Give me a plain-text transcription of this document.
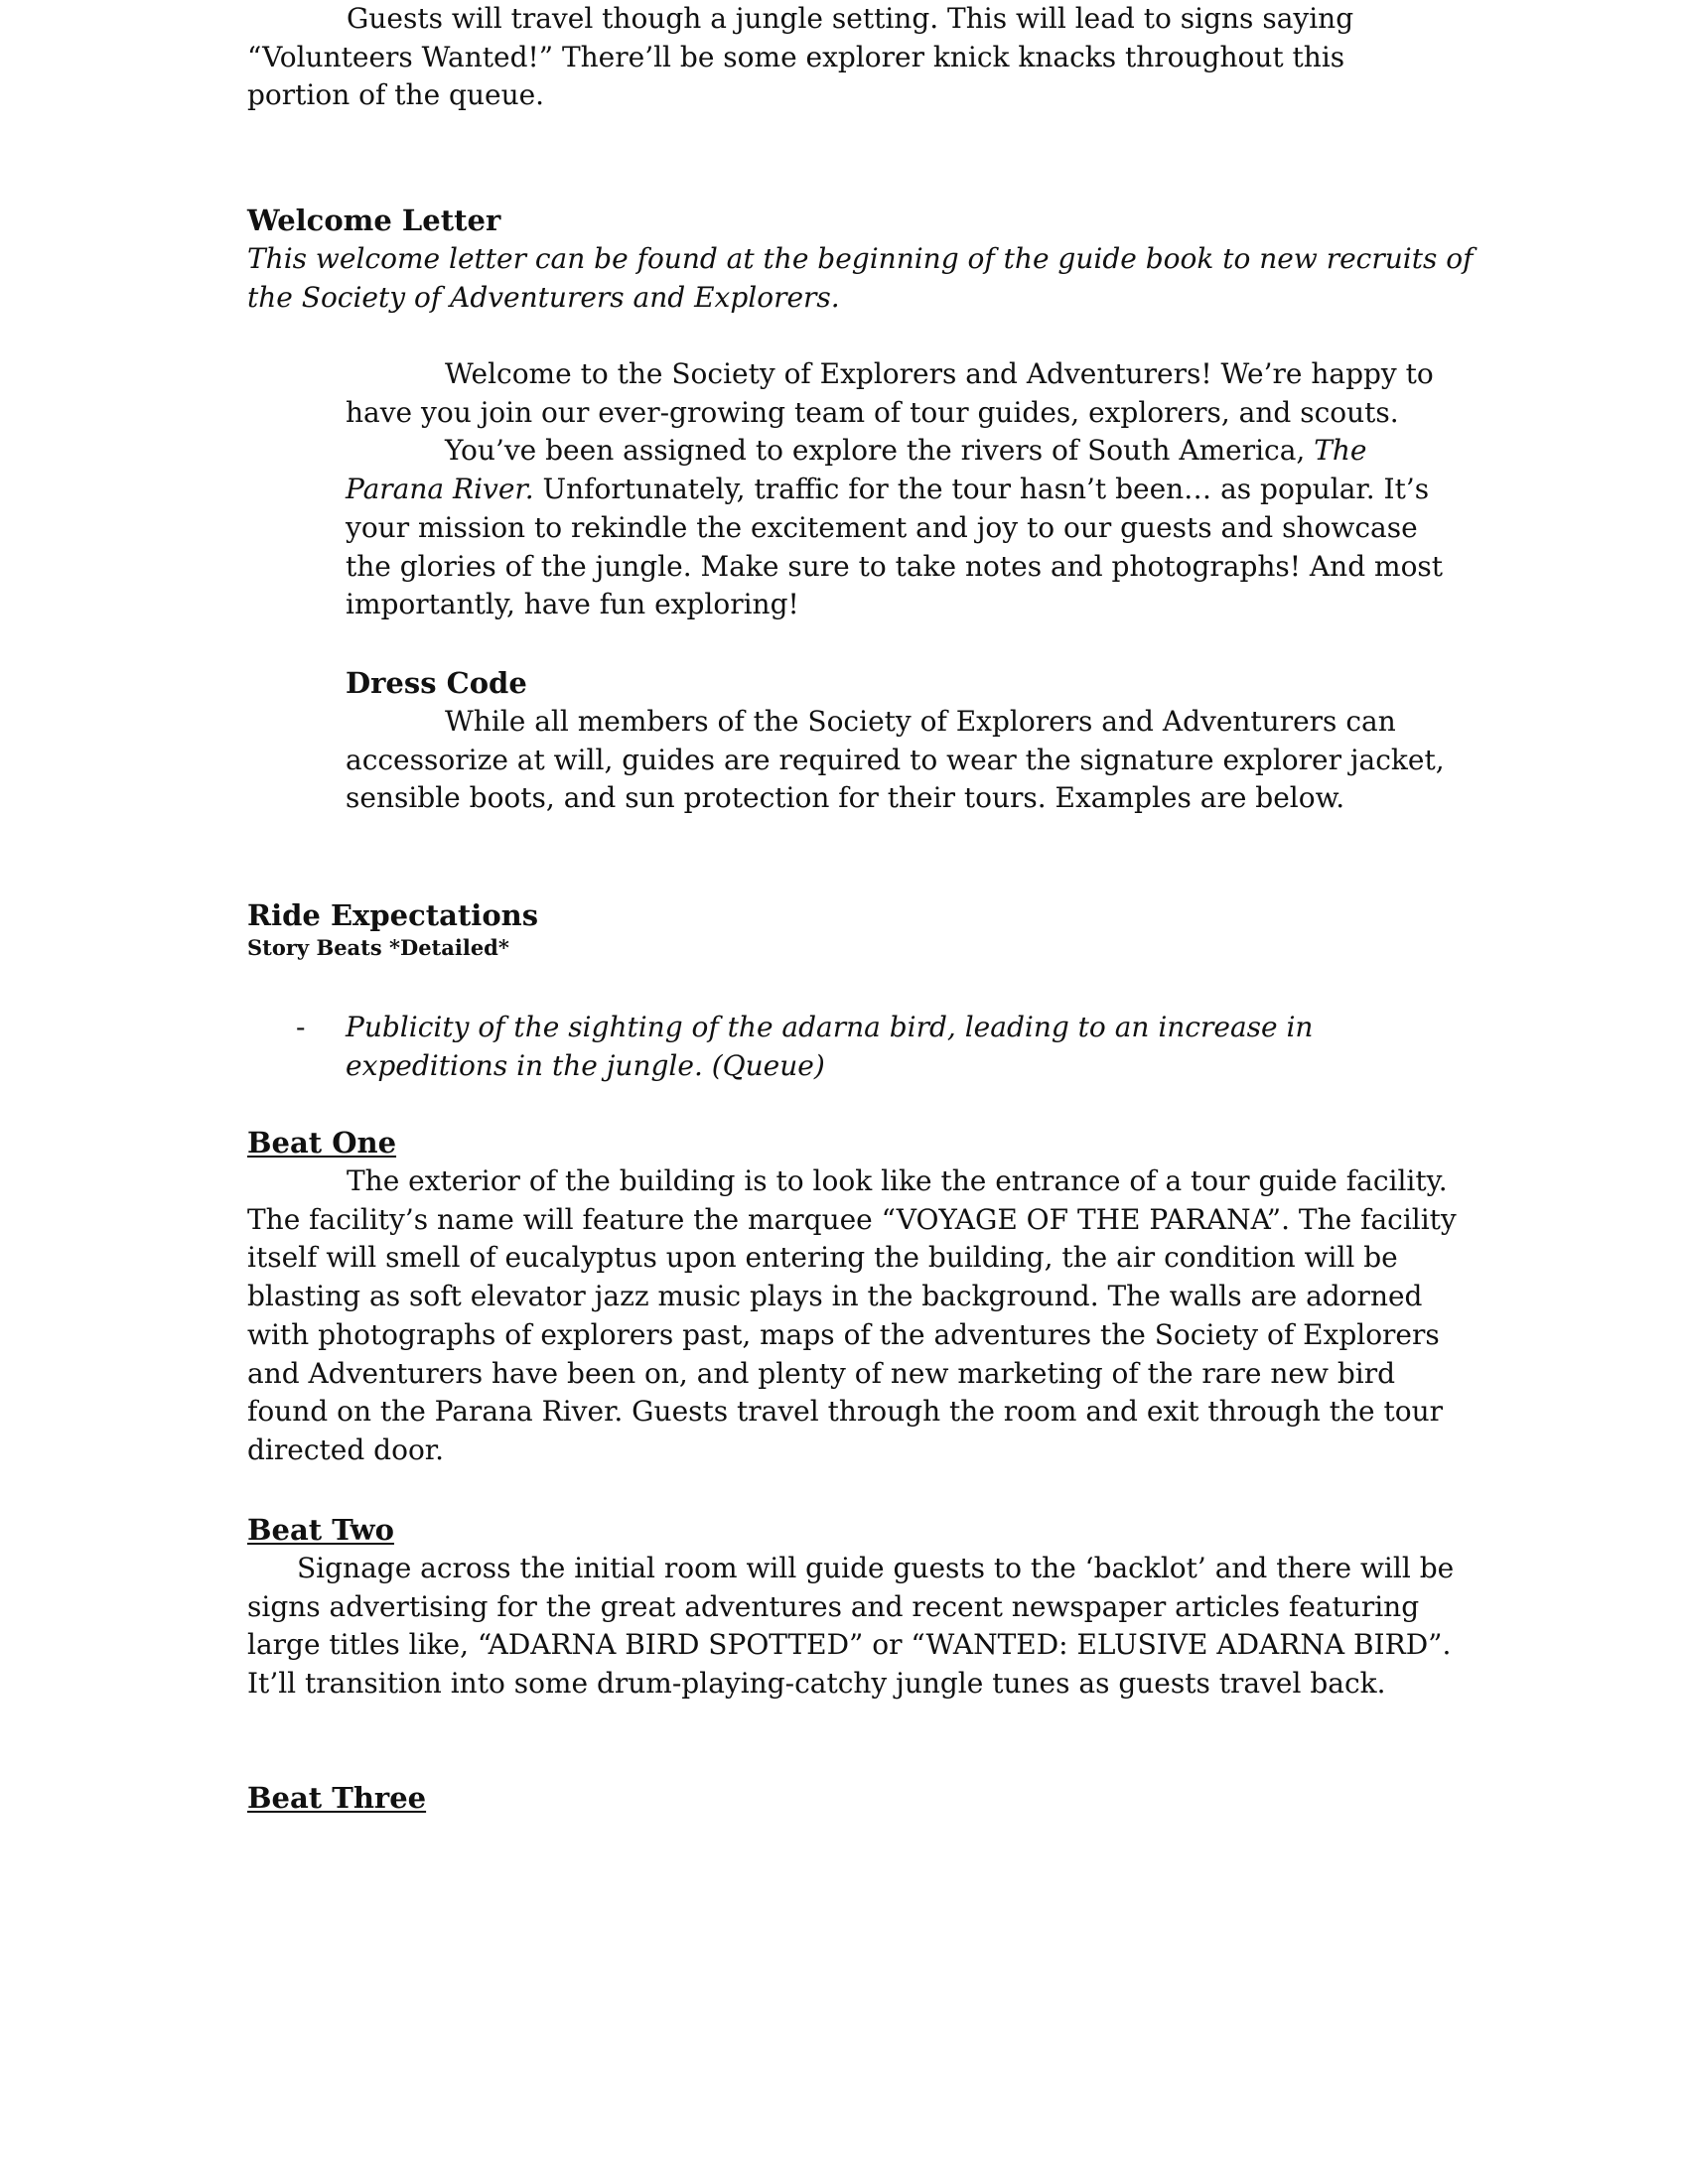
Welcome Letter
This welcome letter can be found at the beginning of the guide book to new recruits of the Society of Adventurers and Explorers.

Welcome to the Society of Explorers and Adventurers! We’re happy to have you join our ever-growing team of tour guides, explorers, and scouts.

You’ve been assigned to explore the rivers of South America, The Parana River. Unfortunately, traffic for the tour hasn’t been… as popular. It’s your mission to rekindle the excitement and joy to our guests and showcase the glories of the jungle. Make sure to take notes and photographs! And most importantly, have fun exploring!

Dress Code

While all members of the Society of Explorers and Adventurers can accessorize at will, guides are required to wear the signature explorer jacket, sensible boots, and sun protection for their tours. Examples are below.

Ride Expectations
Story Beats *Detailed*
-	Publicity of the sighting of the adarna bird, leading to an increase in expeditions in the jungle. (Queue)
Beat One

The exterior of the building is to look like the entrance of a tour guide facility. The facility’s name will feature the marquee “VOYAGE OF THE PARANA”. The facility itself will smell of eucalyptus upon entering the building, the air condition will be blasting as soft elevator jazz music plays in the background. The walls are adorned with photographs of explorers past, maps of the adventures the Society of Explorers and Adventurers have been on, and plenty of new marketing of the rare new bird found on the Parana River. Guests travel through the room and exit through the tour directed door.

Beat Two

Signage across the initial room will guide guests to the ‘backlot’ and there will be signs advertising for the great adventures and recent newspaper articles featuring large titles like, “ADARNA BIRD SPOTTED” or “WANTED: ELUSIVE ADARNA BIRD”. It’ll transition into some drum-playing-catchy jungle tunes as guests travel back.

Beat Three

Guests will travel though a jungle setting. This will lead to signs saying “Volunteers Wanted!” There’ll be some explorer knick knacks throughout this portion of the queue.
